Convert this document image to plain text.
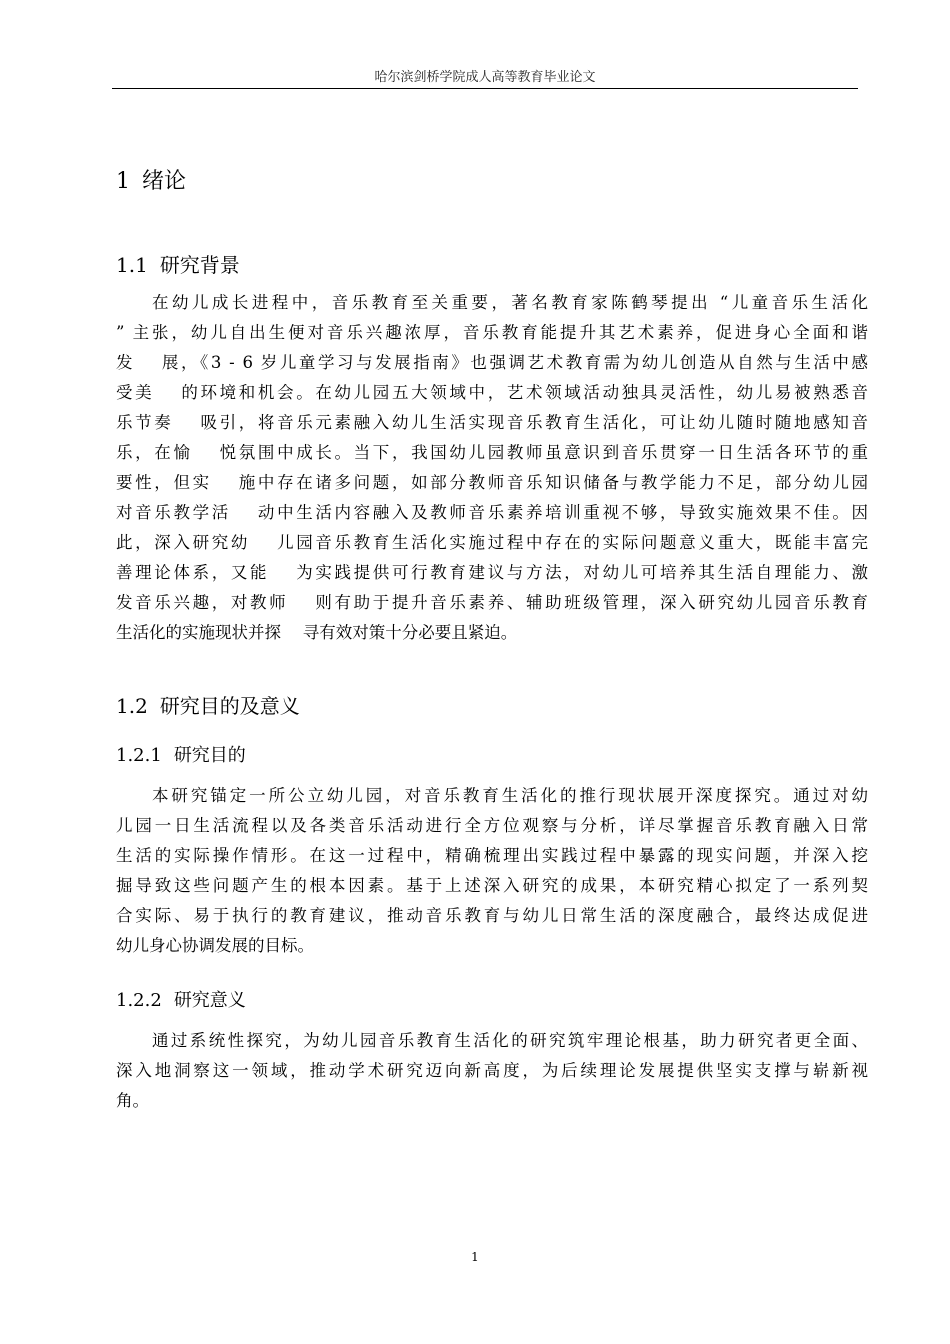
哈尔滨剑桥学院成人高等教育毕业论文
1 绪论
1.1 研究背景
在幼儿成长进程中，音乐教育至关重要，著名教育家陈鹤琴提出 “儿童音乐生活化
” 主张，幼儿自出生便对音乐兴趣浓厚，音乐教育能提升其艺术素养，促进身心全面和谐
发　 展，《3 - 6 岁儿童学习与发展指南》也强调艺术教育需为幼儿创造从自然与生活中感
受美　 的环境和机会。在幼儿园五大领域中，艺术领域活动独具灵活性，幼儿易被熟悉音
乐节奏　 吸引，将音乐元素融入幼儿生活实现音乐教育生活化，可让幼儿随时随地感知音
乐，在愉　 悦氛围中成长。当下，我国幼儿园教师虽意识到音乐贯穿一日生活各环节的重
要性，但实　 施中存在诸多问题，如部分教师音乐知识储备与教学能力不足，部分幼儿园
对音乐教学活　 动中生活内容融入及教师音乐素养培训重视不够，导致实施效果不佳。因
此，深入研究幼　 儿园音乐教育生活化实施过程中存在的实际问题意义重大，既能丰富完
善理论体系，又能　 为实践提供可行教育建议与方法，对幼儿可培养其生活自理能力、激
发音乐兴趣，对教师　 则有助于提升音乐素养、辅助班级管理，深入研究幼儿园音乐教育
生活化的实施现状并探　 寻有效对策十分必要且紧迫。
1.2 研究目的及意义
1.2.1 研究目的
本研究锚定一所公立幼儿园，对音乐教育生活化的推行现状展开深度探究。通过对幼
儿园一日生活流程以及各类音乐活动进行全方位观察与分析，详尽掌握音乐教育融入日常
生活的实际操作情形。在这一过程中，精确梳理出实践过程中暴露的现实问题，并深入挖
掘导致这些问题产生的根本因素。基于上述深入研究的成果，本研究精心拟定了一系列契
合实际、易于执行的教育建议，推动音乐教育与幼儿日常生活的深度融合，最终达成促进
幼儿身心协调发展的目标。
1.2.2 研究意义
通过系统性探究，为幼儿园音乐教育生活化的研究筑牢理论根基，助力研究者更全面、
深入地洞察这一领域，推动学术研究迈向新高度，为后续理论发展提供坚实支撑与崭新视
角。
1
